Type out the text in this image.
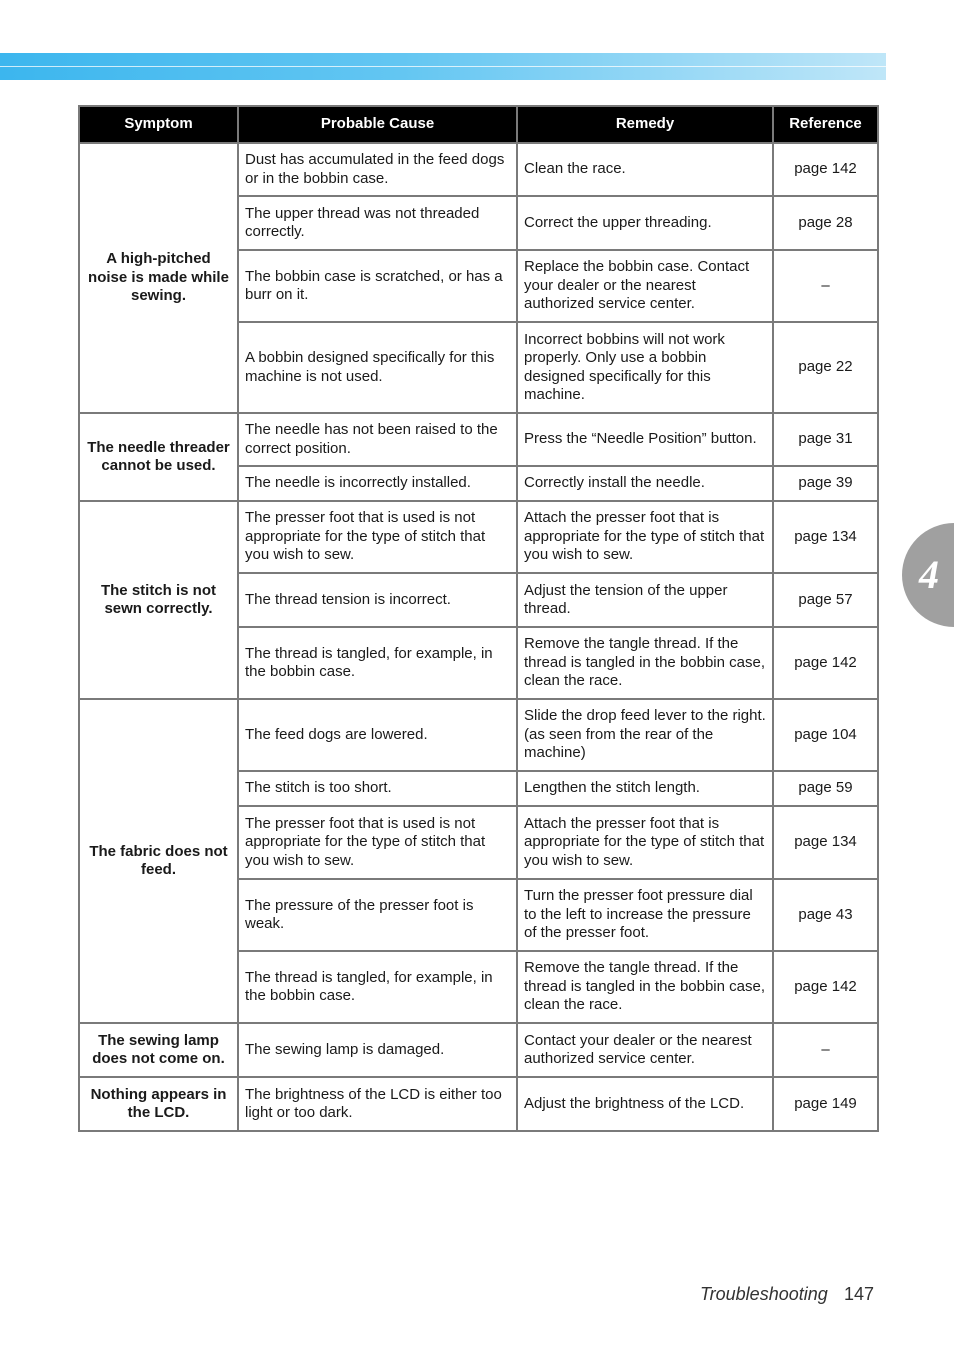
4
Symptom	Probable Cause	Remedy	Reference
A high-pitched noise is made while sewing.	Dust has accumulated in the feed dogs or in the bobbin case.	Clean the race.	page 142
	The upper thread was not threaded correctly.	Correct the upper threading.	page 28
	The bobbin case is scratched, or has a burr on it.	Replace the bobbin case. Contact your dealer or the nearest authorized service center.	–
	A bobbin designed specifically for this machine is not used.	Incorrect bobbins will not work properly. Only use a bobbin designed specifically for this machine.	page 22
The needle threader cannot be used.	The needle has not been raised to the correct position.	Press the “Needle Position” button.	page 31
	The needle is incorrectly installed.	Correctly install the needle.	page 39
The stitch is not sewn correctly.	The presser foot that is used is not appropriate for the type of stitch that you wish to sew.	Attach the presser foot that is appropriate for the type of stitch that you wish to sew.	page 134
	The thread tension is incorrect.	Adjust the tension of the upper thread.	page 57
	The thread is tangled, for example, in the bobbin case.	Remove the tangle thread. If the thread is tangled in the bobbin case, clean the race.	page 142
The fabric does not feed.	The feed dogs are lowered.	Slide the drop feed lever to the right. (as seen from the rear of the machine)	page 104
	The stitch is too short.	Lengthen the stitch length.	page 59
	The presser foot that is used is not appropriate for the type of stitch that you wish to sew.	Attach the presser foot that is appropriate for the type of stitch that you wish to sew.	page 134
	The pressure of the presser foot is weak.	Turn the presser foot pressure dial to the left to increase the pressure of the presser foot.	page 43
	The thread is tangled, for example, in the bobbin case.	Remove the tangle thread. If the thread is tangled in the bobbin case, clean the race.	page 142
The sewing lamp does not come on.	The sewing lamp is damaged.	Contact your dealer or the nearest authorized service center.	–
Nothing appears in the LCD.	The brightness of the LCD is either too light or too dark.	Adjust the brightness of the LCD.	page 149
Troubleshooting 147
